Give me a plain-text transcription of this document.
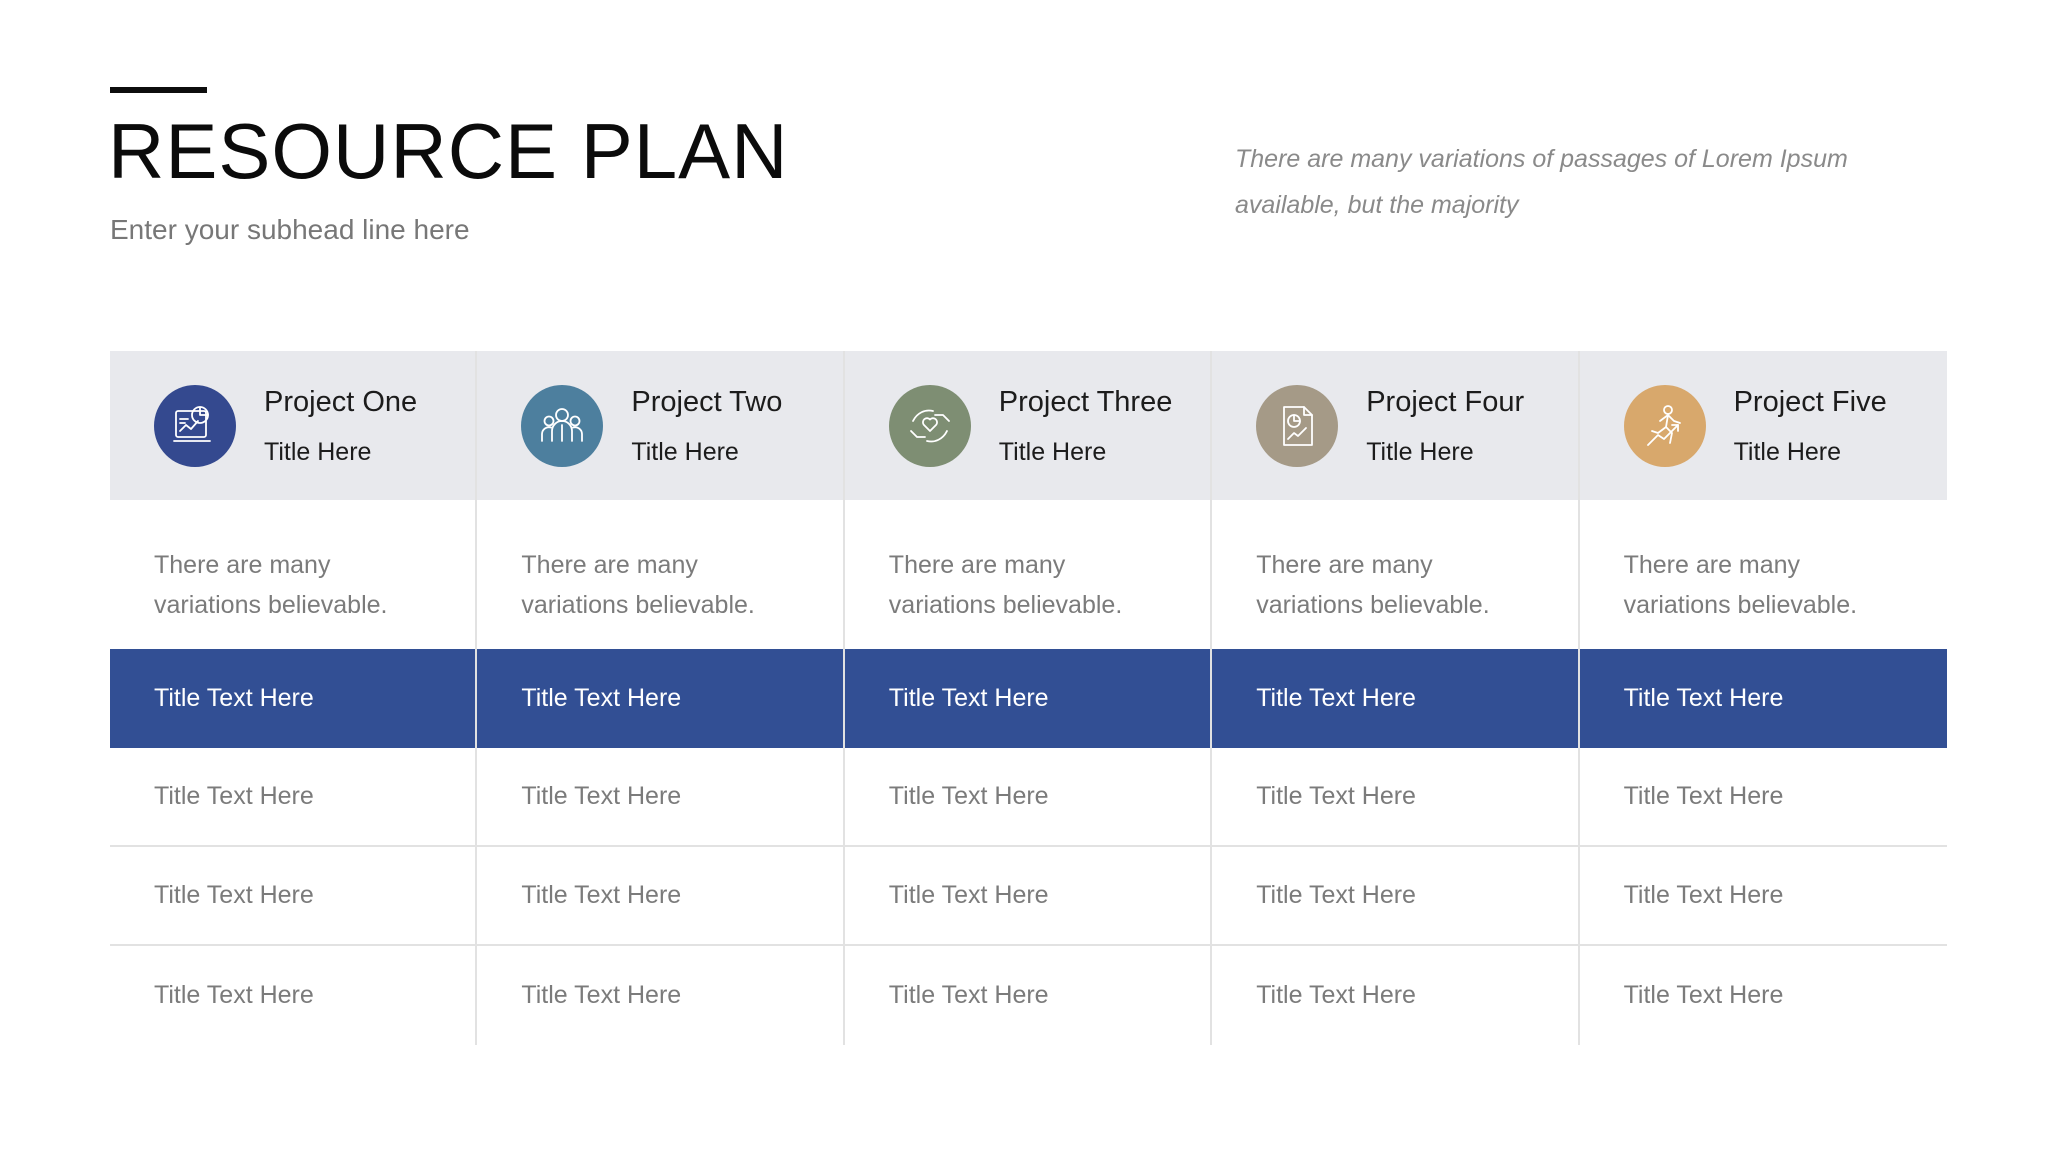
RESOURCE PLAN
Enter your subhead line here
There are many variations of passages of Lorem Ipsum available, but the majority
Project One
Title Here
There are many variations believable.
Title Text Here
Title Text Here
Title Text Here
Title Text Here
Project Two
Title Here
There are many variations believable.
Title Text Here
Title Text Here
Title Text Here
Title Text Here
Project Three
Title Here
There are many variations believable.
Title Text Here
Title Text Here
Title Text Here
Title Text Here
Project Four
Title Here
There are many variations believable.
Title Text Here
Title Text Here
Title Text Here
Title Text Here
Project Five
Title Here
There are many variations believable.
Title Text Here
Title Text Here
Title Text Here
Title Text Here
